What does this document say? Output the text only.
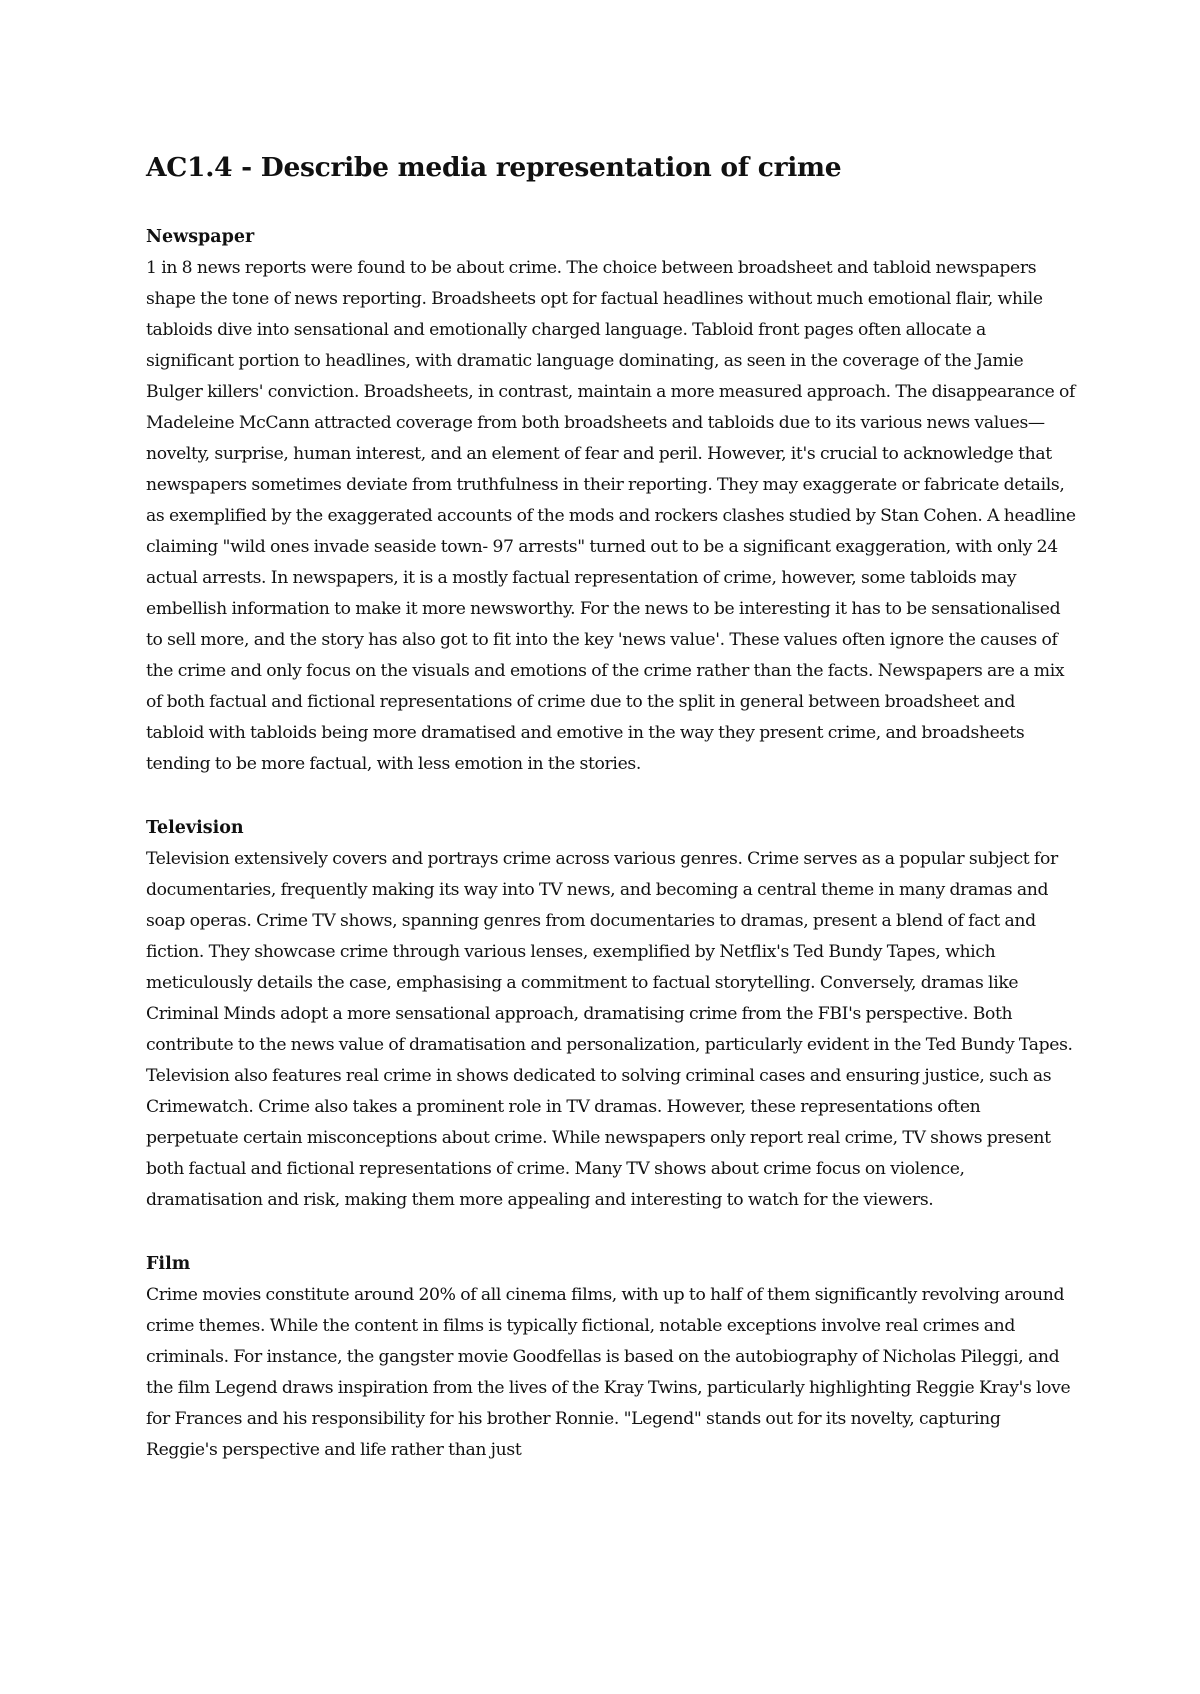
AC1.4 - Describe media representation of crime

Newspaper

1 in 8 news reports were found to be about crime. The choice between broadsheet and tabloid newspapers shape the tone of news reporting. Broadsheets opt for factual headlines without much emotional flair, while tabloids dive into sensational and emotionally charged language. Tabloid front pages often allocate a significant portion to headlines, with dramatic language dominating, as seen in the coverage of the Jamie Bulger killers' conviction. Broadsheets, in contrast, maintain a more measured approach. The disappearance of Madeleine McCann attracted coverage from both broadsheets and tabloids due to its various news values—novelty, surprise, human interest, and an element of fear and peril. However, it's crucial to acknowledge that newspapers sometimes deviate from truthfulness in their reporting. They may exaggerate or fabricate details, as exemplified by the exaggerated accounts of the mods and rockers clashes studied by Stan Cohen. A headline claiming "wild ones invade seaside town- 97 arrests" turned out to be a significant exaggeration, with only 24 actual arrests. In newspapers, it is a mostly factual representation of crime, however, some tabloids may embellish information to make it more newsworthy. For the news to be interesting it has to be sensationalised to sell more, and the story has also got to fit into the key 'news value'. These values often ignore the causes of the crime and only focus on the visuals and emotions of the crime rather than the facts. Newspapers are a mix of both factual and fictional representations of crime due to the split in general between broadsheet and tabloid with tabloids being more dramatised and emotive in the way they present crime, and broadsheets tending to be more factual, with less emotion in the stories.

Television

Television extensively covers and portrays crime across various genres. Crime serves as a popular subject for documentaries, frequently making its way into TV news, and becoming a central theme in many dramas and soap operas. Crime TV shows, spanning genres from documentaries to dramas, present a blend of fact and fiction. They showcase crime through various lenses, exemplified by Netflix's Ted Bundy Tapes, which meticulously details the case, emphasising a commitment to factual storytelling. Conversely, dramas like Criminal Minds adopt a more sensational approach, dramatising crime from the FBI's perspective. Both contribute to the news value of dramatisation and personalization, particularly evident in the Ted Bundy Tapes. Television also features real crime in shows dedicated to solving criminal cases and ensuring justice, such as Crimewatch. Crime also takes a prominent role in TV dramas. However, these representations often perpetuate certain misconceptions about crime. While newspapers only report real crime, TV shows present both factual and fictional representations of crime. Many TV shows about crime focus on violence, dramatisation and risk, making them more appealing and interesting to watch for the viewers.

Film

Crime movies constitute around 20% of all cinema films, with up to half of them significantly revolving around crime themes. While the content in films is typically fictional, notable exceptions involve real crimes and criminals. For instance, the gangster movie Goodfellas is based on the autobiography of Nicholas Pileggi, and the film Legend draws inspiration from the lives of the Kray Twins, particularly highlighting Reggie Kray's love for Frances and his responsibility for his brother Ronnie. "Legend" stands out for its novelty, capturing Reggie's perspective and life rather than just
